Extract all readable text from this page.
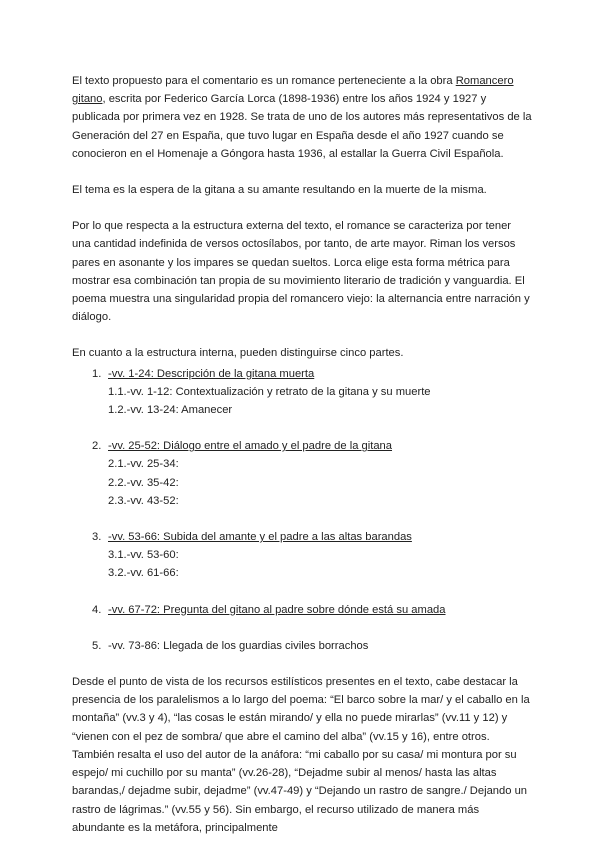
El texto propuesto para el comentario es un romance perteneciente a la obra Romancero gitano, escrita por Federico García Lorca (1898-1936) entre los años 1924 y 1927 y publicada por primera vez en 1928. Se trata de uno de los autores más representativos de la Generación del 27 en España, que tuvo lugar en España desde el año 1927 cuando se conocieron en el Homenaje a Góngora hasta 1936, al estallar la Guerra Civil Española.

El tema es la espera de la gitana a su amante resultando en la muerte de la misma.

Por lo que respecta a la estructura externa del texto, el romance se caracteriza por tener una cantidad indefinida de versos octosílabos, por tanto, de arte mayor. Riman los versos pares en asonante y los impares se quedan sueltos. Lorca elige esta forma métrica para mostrar esa combinación tan propia de su movimiento literario de tradición y vanguardia. El poema muestra una singularidad propia del romancero viejo: la alternancia entre narración y diálogo.

En cuanto a la estructura interna, pueden distinguirse cinco partes.

1. -vv. 1-24: Descripción de la gitana muerta
1.1.-vv. 1-12: Contextualización y retrato de la gitana y su muerte
1.2.-vv. 13-24: Amanecer
2. -vv. 25-52: Diálogo entre el amado y el padre de la gitana
2.1.-vv. 25-34:
2.2.-vv. 35-42:
2.3.-vv. 43-52:
3. -vv. 53-66: Subida del amante y el padre a las altas barandas
3.1.-vv. 53-60:
3.2.-vv. 61-66:
4. -vv. 67-72: Pregunta del gitano al padre sobre dónde está su amada
5. -vv. 73-86: Llegada de los guardias civiles borrachos

Desde el punto de vista de los recursos estilísticos presentes en el texto, cabe destacar la presencia de los paralelismos a lo largo del poema: “El barco sobre la mar/ y el caballo en la montaña” (vv.3 y 4), “las cosas le están mirando/ y ella no puede mirarlas” (vv.11 y 12) y “vienen con el pez de sombra/ que abre el camino del alba” (vv.15 y 16), entre otros. También resalta el uso del autor de la anáfora: “mi caballo por su casa/ mi montura por su espejo/ mi cuchillo por su manta” (vv.26-28), “Dejadme subir al menos/ hasta las altas barandas,/ dejadme subir, dejadme” (vv.47-49) y “Dejando un rastro de sangre./ Dejando un rastro de lágrimas.” (vv.55 y 56). Sin embargo, el recurso utilizado de manera más abundante es la metáfora, principalmente
